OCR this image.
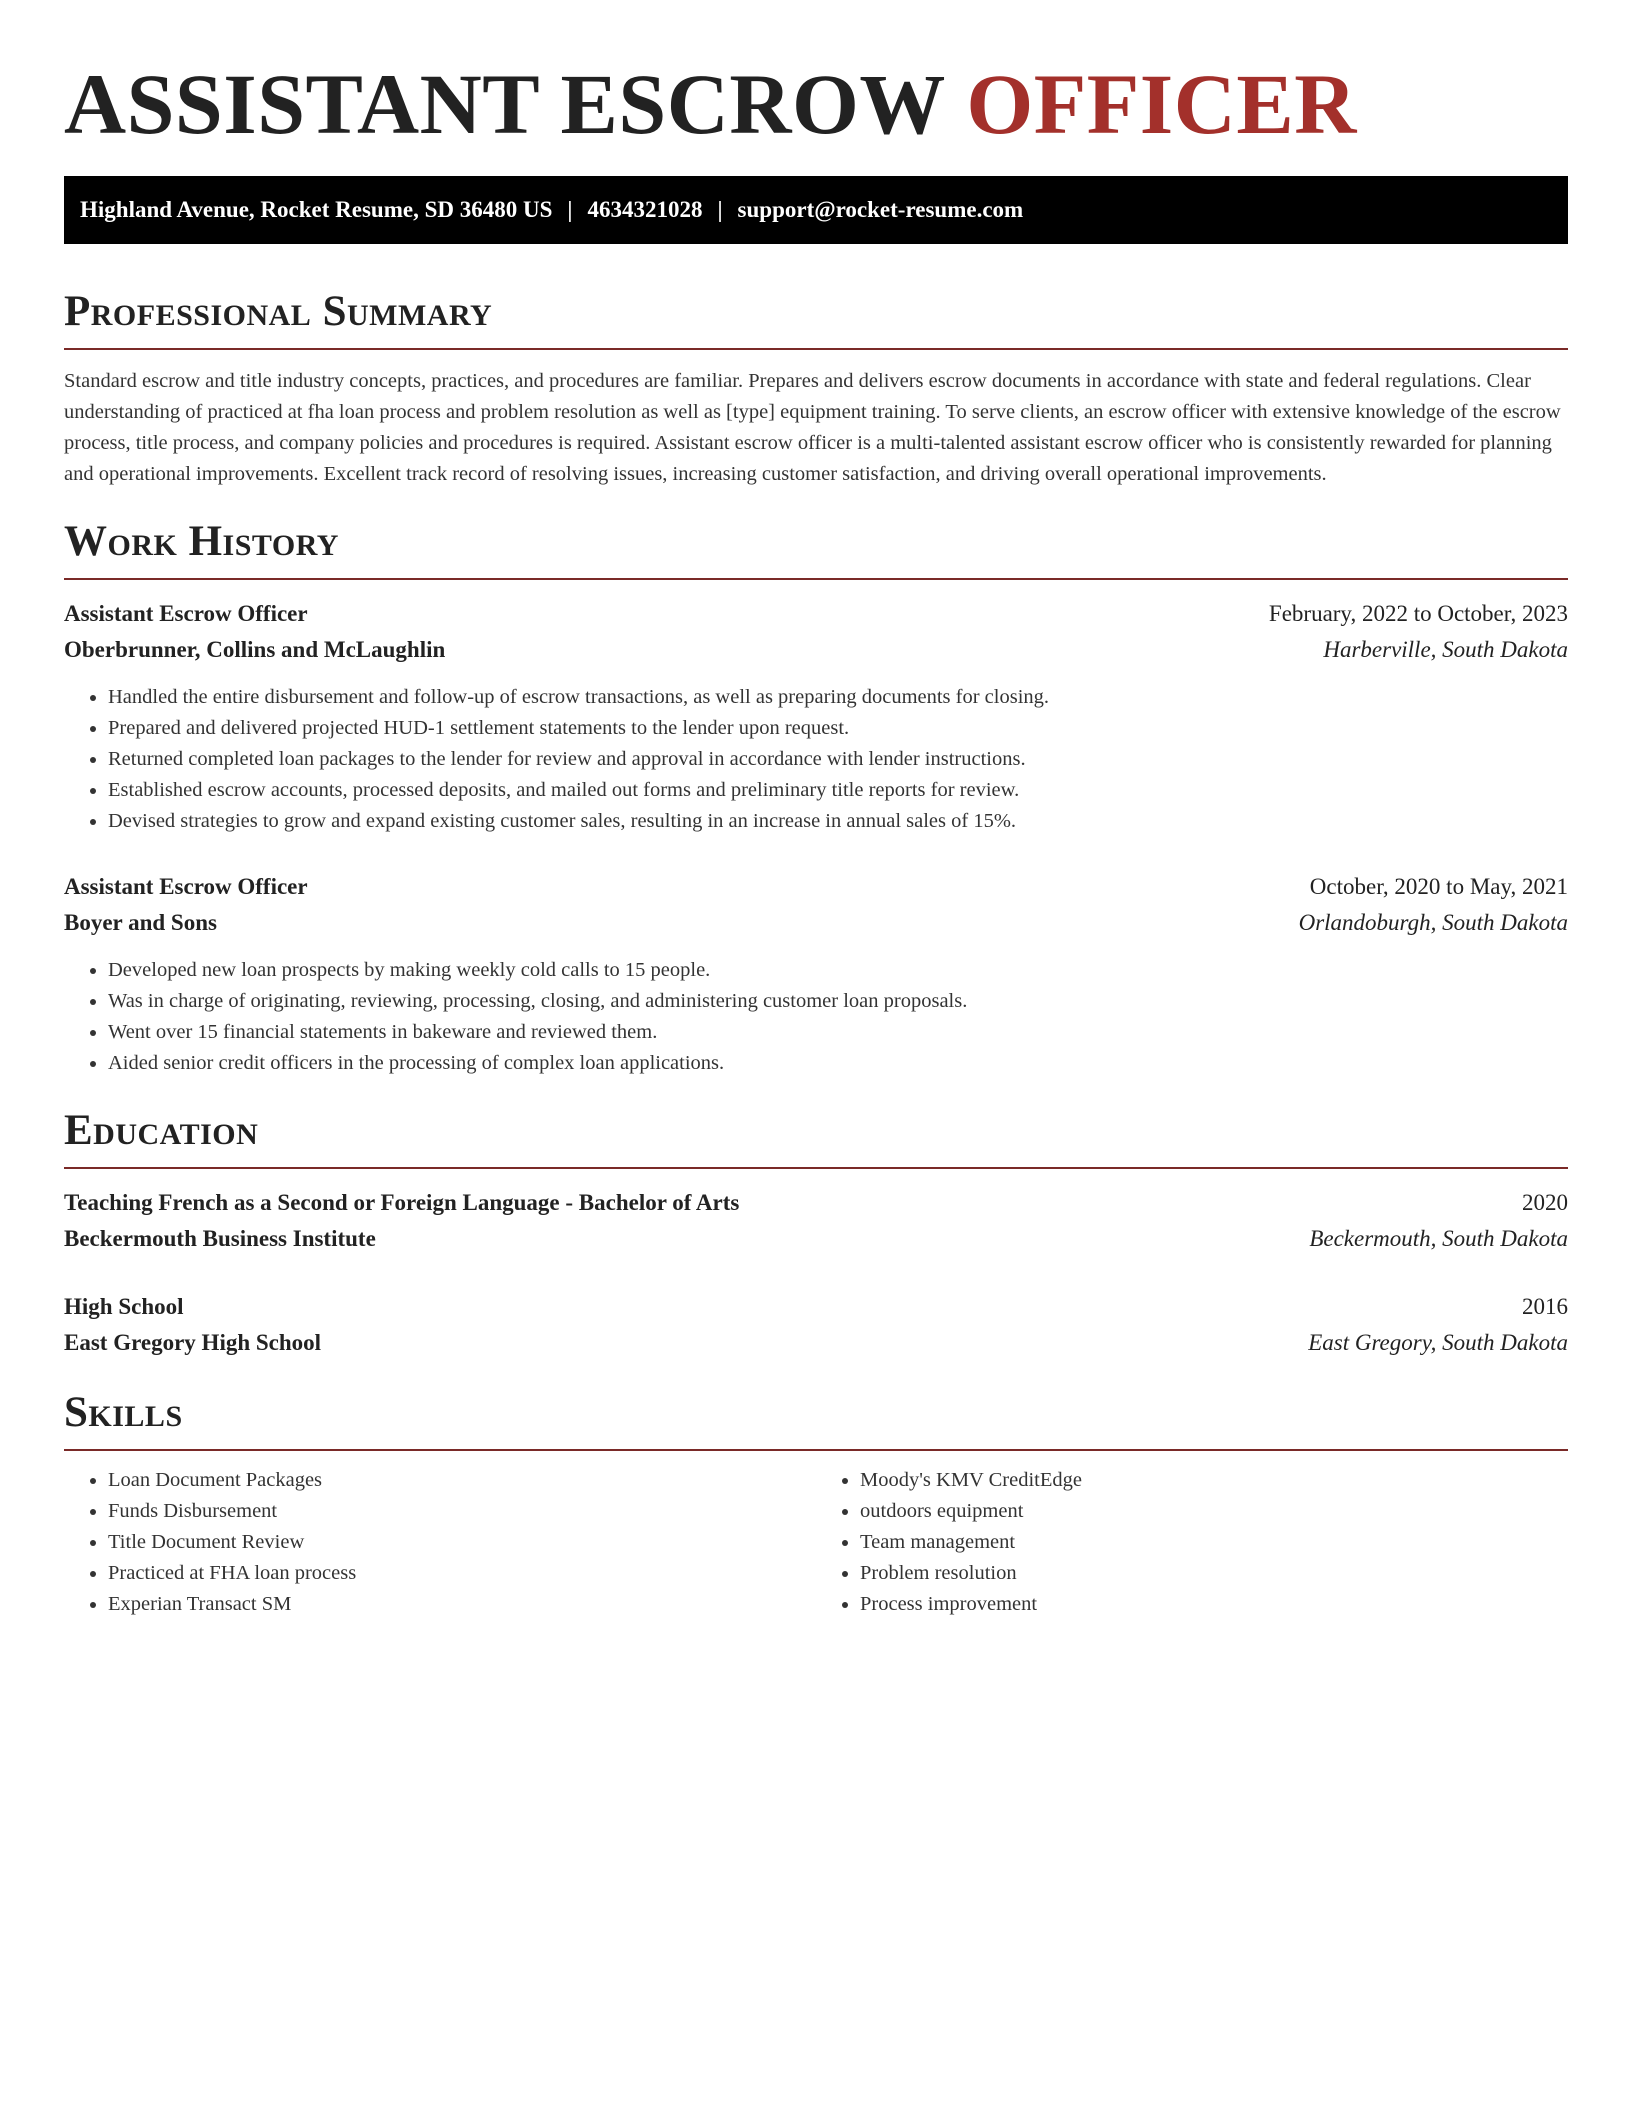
ASSISTANT ESCROW OFFICER
Highland Avenue, Rocket Resume, SD 36480 US | 4634321028 | support@rocket-resume.com
Professional Summary
Standard escrow and title industry concepts, practices, and procedures are familiar. Prepares and delivers escrow documents in accordance with state and federal regulations. Clear understanding of practiced at fha loan process and problem resolution as well as [type] equipment training. To serve clients, an escrow officer with extensive knowledge of the escrow process, title process, and company policies and procedures is required. Assistant escrow officer is a multi-talented assistant escrow officer who is consistently rewarded for planning and operational improvements. Excellent track record of resolving issues, increasing customer satisfaction, and driving overall operational improvements.
Work History
Assistant Escrow Officer	February, 2022 to October, 2023
Oberbrunner, Collins and McLaughlin	Harberville, South Dakota
• Handled the entire disbursement and follow-up of escrow transactions, as well as preparing documents for closing.
• Prepared and delivered projected HUD-1 settlement statements to the lender upon request.
• Returned completed loan packages to the lender for review and approval in accordance with lender instructions.
• Established escrow accounts, processed deposits, and mailed out forms and preliminary title reports for review.
• Devised strategies to grow and expand existing customer sales, resulting in an increase in annual sales of 15%.
Assistant Escrow Officer	October, 2020 to May, 2021
Boyer and Sons	Orlandoburgh, South Dakota
• Developed new loan prospects by making weekly cold calls to 15 people.
• Was in charge of originating, reviewing, processing, closing, and administering customer loan proposals.
• Went over 15 financial statements in bakeware and reviewed them.
• Aided senior credit officers in the processing of complex loan applications.
Education
Teaching French as a Second or Foreign Language - Bachelor of Arts	2020
Beckermouth Business Institute	Beckermouth, South Dakota
High School	2016
East Gregory High School	East Gregory, South Dakota
Skills
• Loan Document Packages
• Funds Disbursement
• Title Document Review
• Practiced at FHA loan process
• Experian Transact SM
• Moody's KMV CreditEdge
• outdoors equipment
• Team management
• Problem resolution
• Process improvement
